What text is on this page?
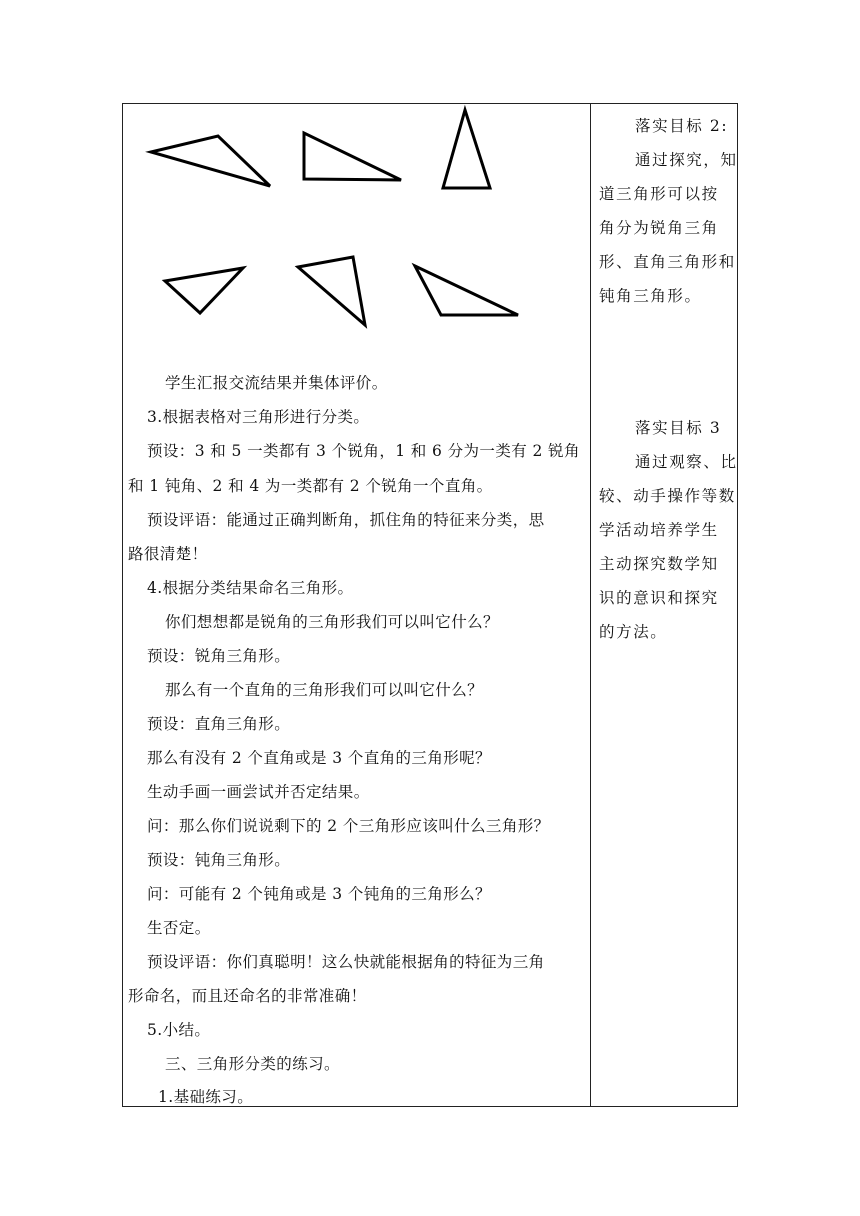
学生汇报交流结果并集体评价。
3.根据表格对三角形进行分类。
预设：3 和 5 一类都有 3 个锐角，1 和 6 分为一类有 2 锐角
和 1 钝角、2 和 4 为一类都有 2 个锐角一个直角。
预设评语：能通过正确判断角，抓住角的特征来分类，思
路很清楚！
4.根据分类结果命名三角形。
你们想想都是锐角的三角形我们可以叫它什么？
预设：锐角三角形。
那么有一个直角的三角形我们可以叫它什么？
预设：直角三角形。
那么有没有 2 个直角或是 3 个直角的三角形呢？
生动手画一画尝试并否定结果。
问：那么你们说说剩下的 2 个三角形应该叫什么三角形？
预设：钝角三角形。
问：可能有 2 个钝角或是 3 个钝角的三角形么？
生否定。
预设评语：你们真聪明！这么快就能根据角的特征为三角
形命名，而且还命名的非常准确！
5.小结。
三、三角形分类的练习。
1.基础练习。
落实目标 2:
通过探究，知
道三角形可以按
角分为锐角三角
形、直角三角形和
钝角三角形。
落实目标 3
通过观察、比
较、动手操作等数
学活动培养学生
主动探究数学知
识的意识和探究
的方法。
